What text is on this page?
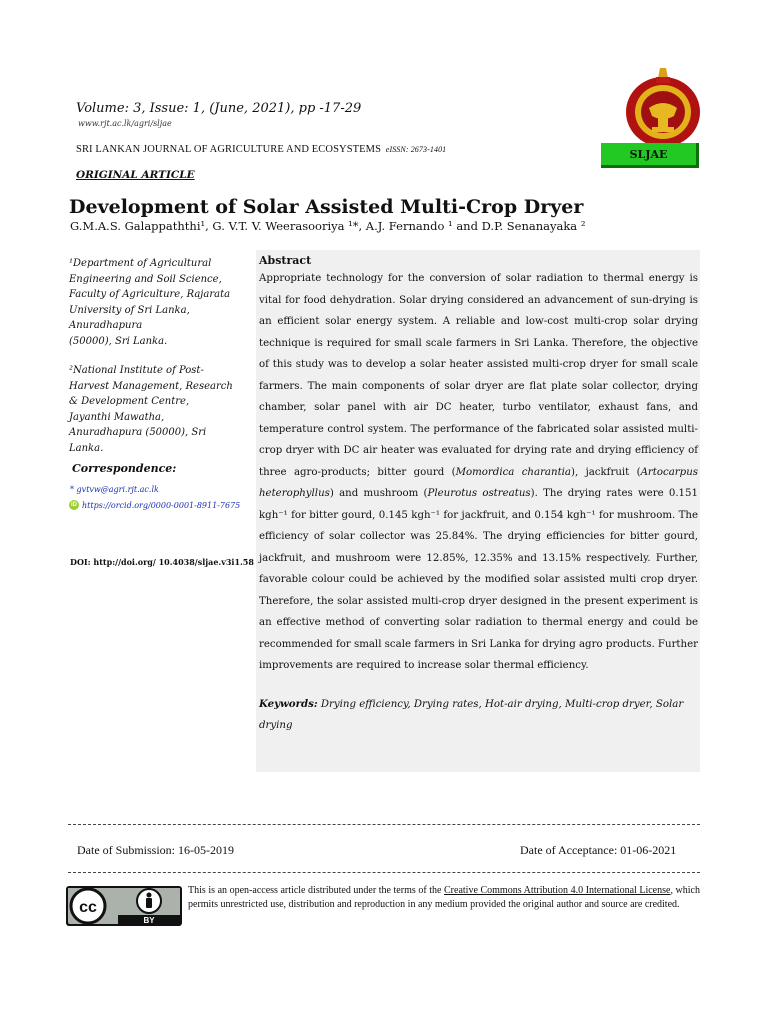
Volume: 3, Issue: 1, (June, 2021), pp -17-29
www.rjt.ac.lk/agri/sljae
SRI LANKAN JOURNAL OF AGRICULTURE AND ECOSYSTEMS eISSN: 2673-1401	SLJAE
ORIGINAL ARTICLE
Development of Solar Assisted Multi-Crop Dryer
G.M.A.S. Galappaththi¹, G. V.T. V. Weerasooriya ¹*, A.J. Fernando ¹ and D.P. Senanayaka ²
¹Department of Agricultural
Engineering and Soil Science,
Faculty of Agriculture, Rajarata
University of Sri Lanka,
Anuradhapura
(50000), Sri Lanka.
²National Institute of Post-
Harvest Management, Research
& Development Centre,
Jayanthi Mawatha,
Anuradhapura (50000), Sri
Lanka.
Correspondence:
* gvtvw@agri.rjt.ac.lk
iD https://orcid.org/0000-0001-8911-7675
DOI: http://doi.org/ 10.4038/sljae.v3i1.58
Abstract

Appropriate technology for the conversion of solar radiation to thermal energy is vital for food dehydration. Solar drying considered an advancement of sun-drying is an efficient solar energy system. A reliable and low-cost multi-crop solar drying technique is required for small scale farmers in Sri Lanka. Therefore, the objective of this study was to develop a solar heater assisted multi-crop dryer for small scale farmers. The main components of solar dryer are flat plate solar collector, drying chamber, solar panel with air DC heater, turbo ventilator, exhaust fans, and temperature control system. The performance of the fabricated solar assisted multi-crop dryer with DC air heater was evaluated for drying rate and drying efficiency of three agro-products; bitter gourd (Momordica charantia), jackfruit (Artocarpus heterophyllus) and mushroom (Pleurotus ostreatus). The drying rates were 0.151 kgh⁻¹ for bitter gourd, 0.145 kgh⁻¹ for jackfruit, and 0.154 kgh⁻¹ for mushroom. The efficiency of solar collector was 25.84%. The drying efficiencies for bitter gourd, jackfruit, and mushroom were 12.85%, 12.35% and 13.15% respectively. Further, favorable colour could be achieved by the modified solar assisted multi crop dryer. Therefore, the solar assisted multi-crop dryer designed in the present experiment is an effective method of converting solar radiation to thermal energy and could be recommended for small scale farmers in Sri Lanka for drying agro products. Further improvements are required to increase solar thermal efficiency.

Keywords: Drying efficiency, Drying rates, Hot-air drying, Multi-crop dryer, Solar drying
Date of Submission: 16-05-2019	Date of Acceptance: 01-06-2021
cc
BY
This is an open-access article distributed under the terms of the Creative Commons Attribution 4.0 International License, which permits unrestricted use, distribution and reproduction in any medium provided the original author and source are credited.
